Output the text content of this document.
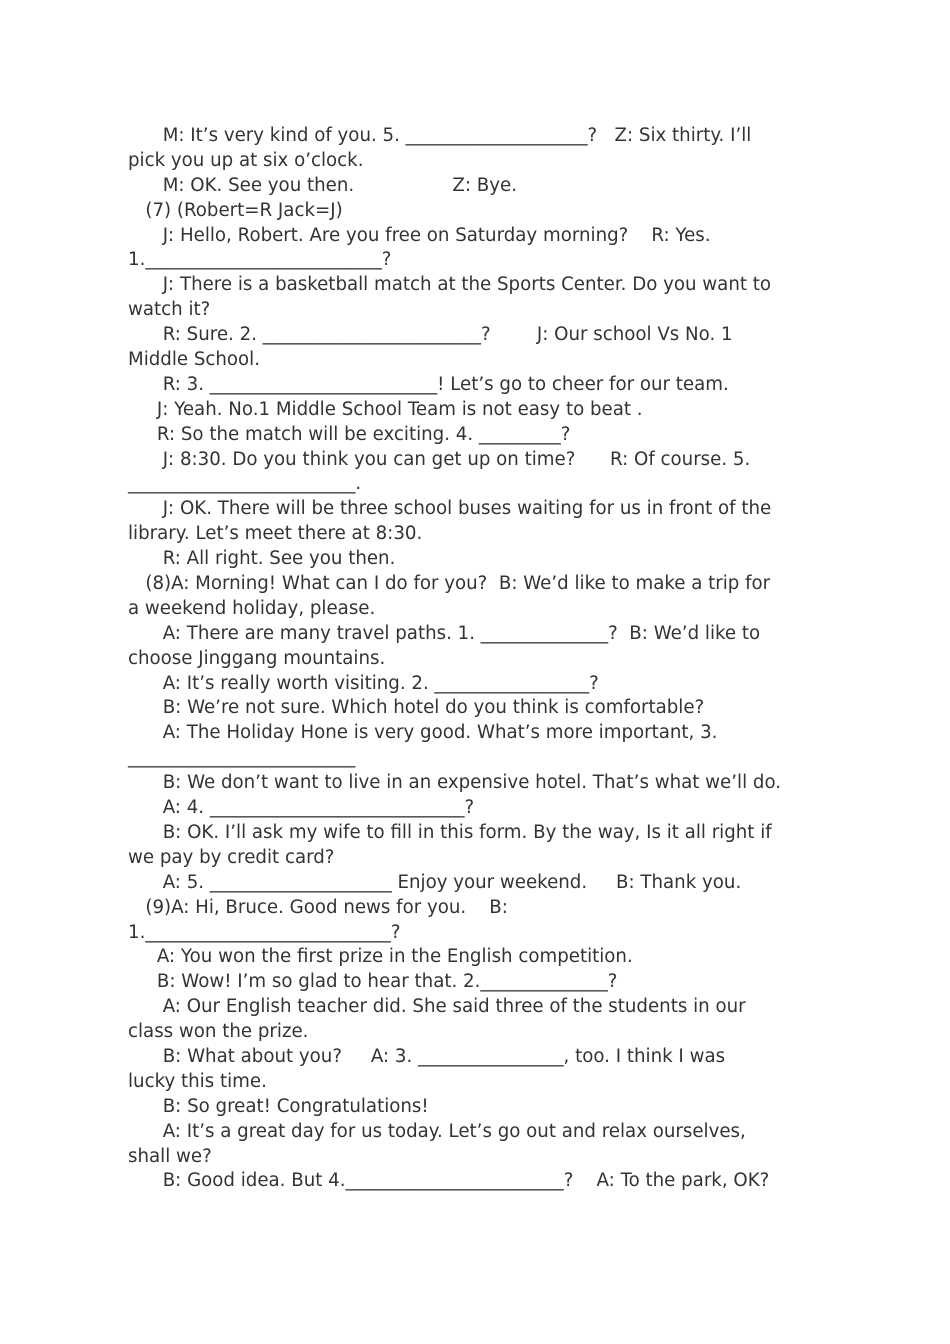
M: It’s very kind of you. 5. ____________________?   Z: Six thirty. I’ll
pick you up at six o’clock.
M: OK. See you then.                 Z: Bye.
(7) (Robert=R Jack=J)
J: Hello, Robert. Are you free on Saturday morning?    R: Yes.
1.__________________________?
J: There is a basketball match at the Sports Center. Do you want to
watch it?
R: Sure. 2. ________________________?        J: Our school Vs No. 1
Middle School.
R: 3. _________________________! Let’s go to cheer for our team.
J: Yeah. No.1 Middle School Team is not easy to beat .
R: So the match will be exciting. 4. _________?
J: 8:30. Do you think you can get up on time?      R: Of course. 5.
_________________________.
J: OK. There will be three school buses waiting for us in front of the
library. Let’s meet there at 8:30.
R: All right. See you then.
(8)A: Morning! What can I do for you?  B: We’d like to make a trip for
a weekend holiday, please.
A: There are many travel paths. 1. ______________?  B: We’d like to
choose Jinggang mountains.
A: It’s really worth visiting. 2. _________________?
B: We’re not sure. Which hotel do you think is comfortable?
A: The Holiday Hone is very good. What’s more important, 3.
_________________________
B: We don’t want to live in an expensive hotel. That’s what we’ll do.
A: 4. ____________________________?
B: OK. I’ll ask my wife to fill in this form. By the way, Is it all right if
we pay by credit card?
A: 5. ____________________ Enjoy your weekend.     B: Thank you.
(9)A: Hi, Bruce. Good news for you.    B:
1.___________________________?
A: You won the first prize in the English competition.
B: Wow! I’m so glad to hear that. 2.______________?
A: Our English teacher did. She said three of the students in our
class won the prize.
B: What about you?     A: 3. ________________, too. I think I was
lucky this time.
B: So great! Congratulations!
A: It’s a great day for us today. Let’s go out and relax ourselves,
shall we?
B: Good idea. But 4.________________________?    A: To the park, OK?
